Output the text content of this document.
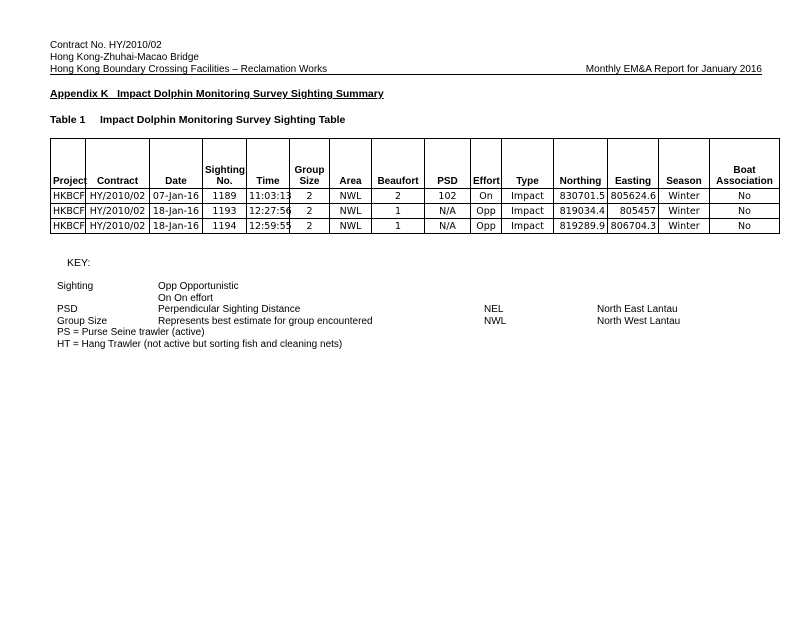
Contract No. HY/2010/02
Hong Kong-Zhuhai-Macao Bridge
Hong Kong Boundary Crossing Facilities – Reclamation Works	Monthly EM&A Report for January 2016
Appendix K   Impact Dolphin Monitoring Survey Sighting Summary
Table 1     Impact Dolphin Monitoring Survey Sighting Table
Project	Contract	Date	Sighting No.	Time	Group Size	Area	Beaufort	PSD	Effort	Type	Northing	Easting	Season	Boat Association
HKBCF	HY/2010/02	07-Jan-16	1189	11:03:13	2	NWL	2	102	On	Impact	830701.5	805624.6	Winter	No
HKBCF	HY/2010/02	18-Jan-16	1193	12:27:56	2	NWL	1	N/A	Opp	Impact	819034.4	805457	Winter	No
HKBCF	HY/2010/02	18-Jan-16	1194	12:59:55	2	NWL	1	N/A	Opp	Impact	819289.9	806704.3	Winter	No
KEY:
Sighting	Opp Opportunistic
On On effort
PSD	Perpendicular Sighting Distance	NEL	North East Lantau
Group Size	Represents best estimate for group encountered	NWL	North West Lantau
PS = Purse Seine trawler (active)
HT = Hang Trawler (not active but sorting fish and cleaning nets)
